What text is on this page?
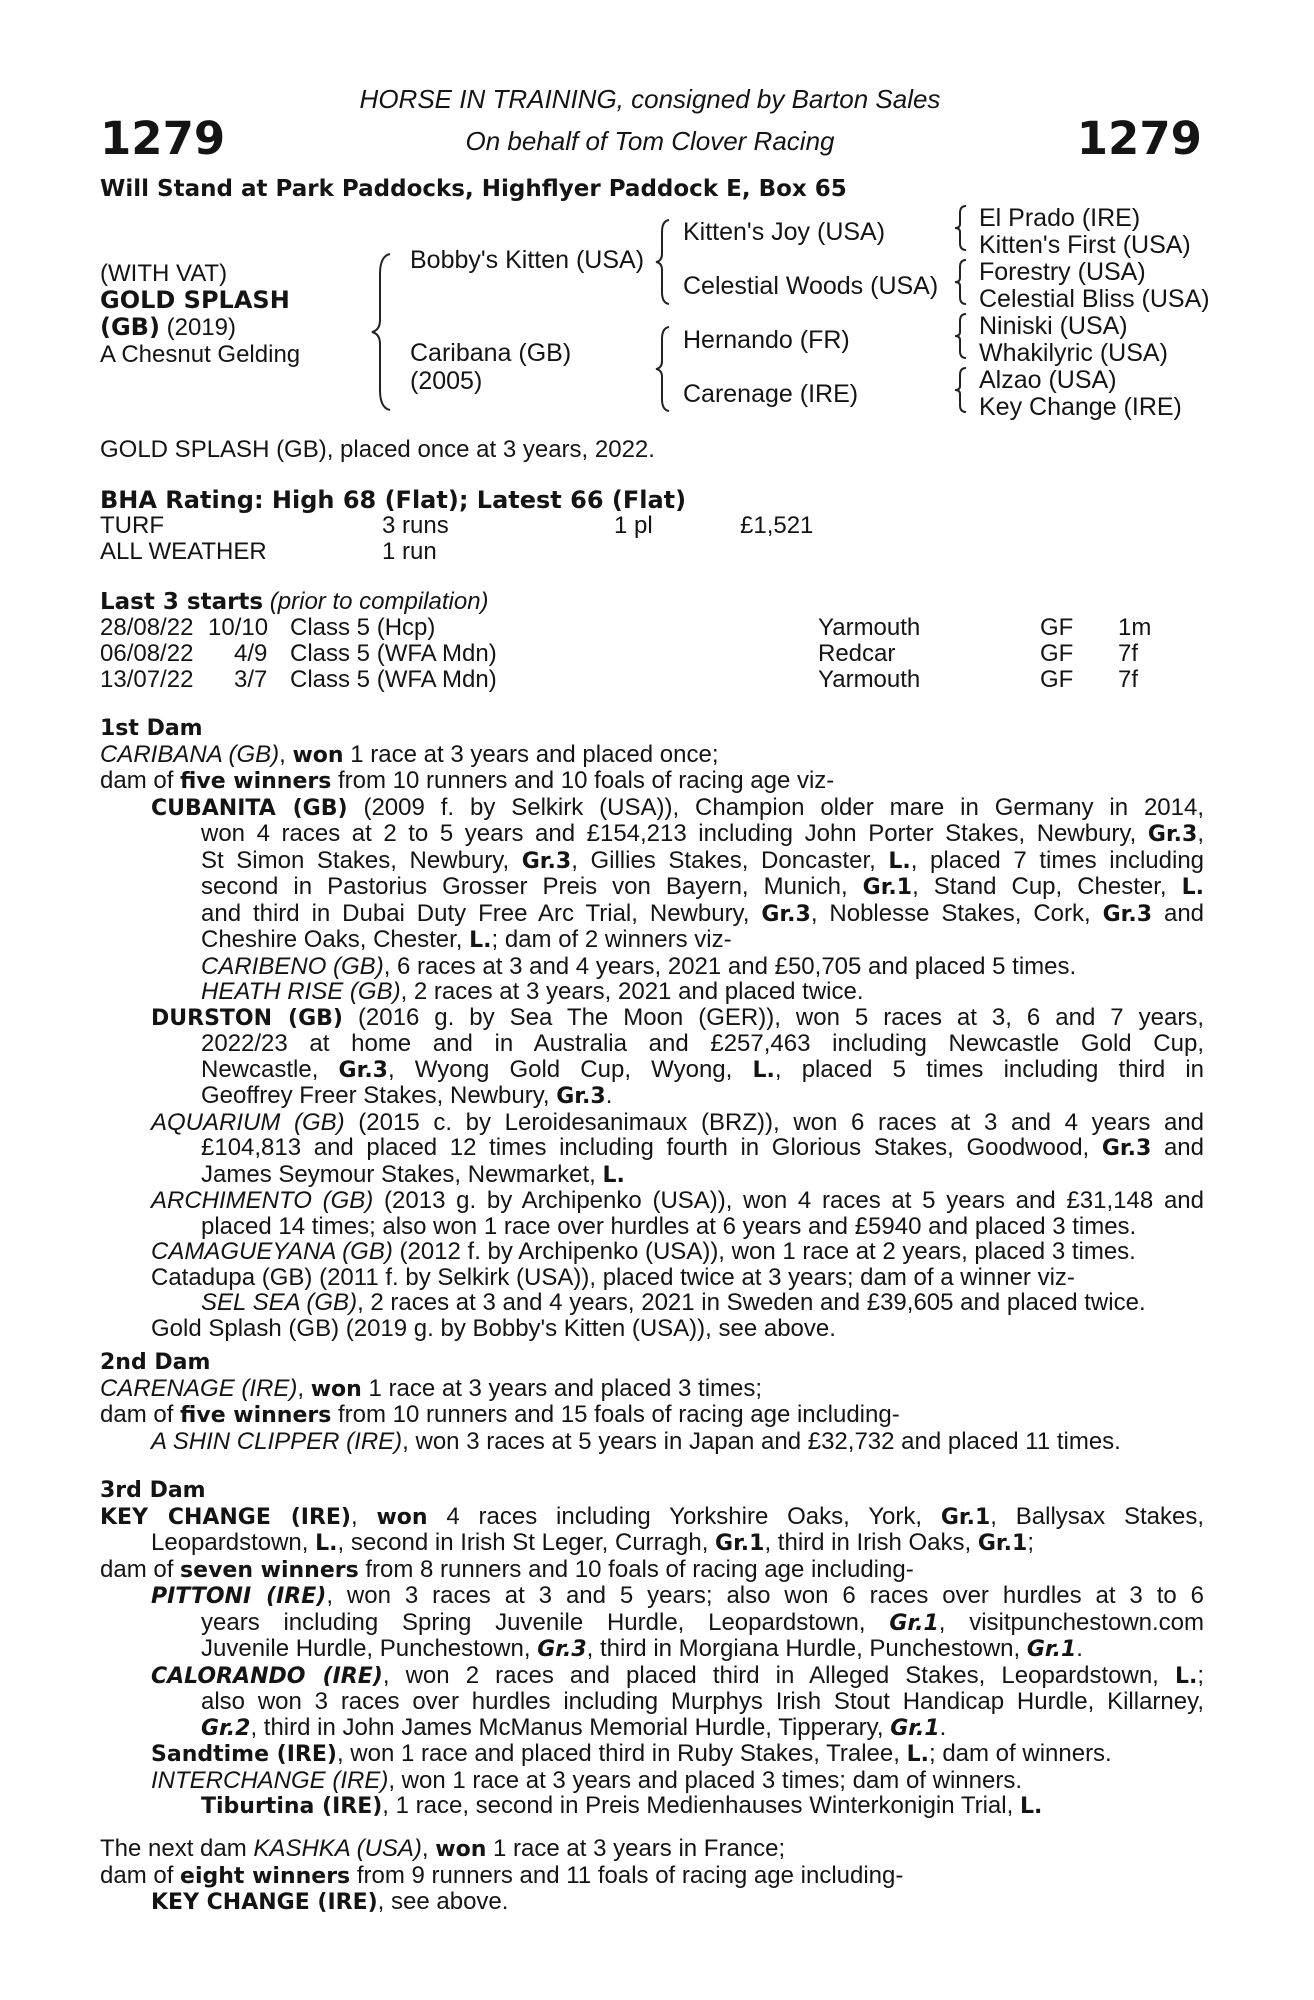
1279	1279
HORSE IN TRAINING, consigned by Barton Sales
On behalf of Tom Clover Racing
Will Stand at Park Paddocks, Highflyer Paddock E, Box 65
(WITH VAT)
GOLD SPLASH
(GB) (2019)
A Chesnut Gelding
Bobby's Kitten (USA)
Caribana (GB)
(2005)
Kitten's Joy (USA)
Celestial Woods (USA)
Hernando (FR)
Carenage (IRE)
El Prado (IRE)
Kitten's First (USA)
Forestry (USA)
Celestial Bliss (USA)
Niniski (USA)
Whakilyric (USA)
Alzao (USA)
Key Change (IRE)
GOLD SPLASH (GB), placed once at 3 years, 2022.
BHA Rating: High 68 (Flat); Latest 66 (Flat)
TURF	3 runs	1 pl	£1,521
ALL WEATHER	1 run
Last 3 starts (prior to compilation)
28/08/22 10/10 Class 5 (Hcp)	Yarmouth	GF 1m
06/08/22 4/9 Class 5 (WFA Mdn)	Redcar	GF 7f
13/07/22 3/7 Class 5 (WFA Mdn)	Yarmouth	GF 7f
1st Dam
CARIBANA (GB), won 1 race at 3 years and placed once;
dam of five winners from 10 runners and 10 foals of racing age viz-
CUBANITA (GB) (2009 f. by Selkirk (USA)), Champion older mare in Germany in 2014,
won 4 races at 2 to 5 years and £154,213 including John Porter Stakes, Newbury, Gr.3,
St Simon Stakes, Newbury, Gr.3, Gillies Stakes, Doncaster, L., placed 7 times including
second in Pastorius Grosser Preis von Bayern, Munich, Gr.1, Stand Cup, Chester, L.
and third in Dubai Duty Free Arc Trial, Newbury, Gr.3, Noblesse Stakes, Cork, Gr.3 and
Cheshire Oaks, Chester, L.; dam of 2 winners viz-
CARIBENO (GB), 6 races at 3 and 4 years, 2021 and £50,705 and placed 5 times.
HEATH RISE (GB), 2 races at 3 years, 2021 and placed twice.
DURSTON (GB) (2016 g. by Sea The Moon (GER)), won 5 races at 3, 6 and 7 years,
2022/23 at home and in Australia and £257,463 including Newcastle Gold Cup,
Newcastle, Gr.3, Wyong Gold Cup, Wyong, L., placed 5 times including third in
Geoffrey Freer Stakes, Newbury, Gr.3.
AQUARIUM (GB) (2015 c. by Leroidesanimaux (BRZ)), won 6 races at 3 and 4 years and
£104,813 and placed 12 times including fourth in Glorious Stakes, Goodwood, Gr.3 and
James Seymour Stakes, Newmarket, L.
ARCHIMENTO (GB) (2013 g. by Archipenko (USA)), won 4 races at 5 years and £31,148 and
placed 14 times; also won 1 race over hurdles at 6 years and £5940 and placed 3 times.
CAMAGUEYANA (GB) (2012 f. by Archipenko (USA)), won 1 race at 2 years, placed 3 times.
Catadupa (GB) (2011 f. by Selkirk (USA)), placed twice at 3 years; dam of a winner viz-
SEL SEA (GB), 2 races at 3 and 4 years, 2021 in Sweden and £39,605 and placed twice.
Gold Splash (GB) (2019 g. by Bobby's Kitten (USA)), see above.
2nd Dam
CARENAGE (IRE), won 1 race at 3 years and placed 3 times;
dam of five winners from 10 runners and 15 foals of racing age including-
A SHIN CLIPPER (IRE), won 3 races at 5 years in Japan and £32,732 and placed 11 times.
3rd Dam
KEY CHANGE (IRE), won 4 races including Yorkshire Oaks, York, Gr.1, Ballysax Stakes,
Leopardstown, L., second in Irish St Leger, Curragh, Gr.1, third in Irish Oaks, Gr.1;
dam of seven winners from 8 runners and 10 foals of racing age including-
PITTONI (IRE), won 3 races at 3 and 5 years; also won 6 races over hurdles at 3 to 6
years including Spring Juvenile Hurdle, Leopardstown, Gr.1, visitpunchestown.com
Juvenile Hurdle, Punchestown, Gr.3, third in Morgiana Hurdle, Punchestown, Gr.1.
CALORANDO (IRE), won 2 races and placed third in Alleged Stakes, Leopardstown, L.;
also won 3 races over hurdles including Murphys Irish Stout Handicap Hurdle, Killarney,
Gr.2, third in John James McManus Memorial Hurdle, Tipperary, Gr.1.
Sandtime (IRE), won 1 race and placed third in Ruby Stakes, Tralee, L.; dam of winners.
INTERCHANGE (IRE), won 1 race at 3 years and placed 3 times; dam of winners.
Tiburtina (IRE), 1 race, second in Preis Medienhauses Winterkonigin Trial, L.
The next dam KASHKA (USA), won 1 race at 3 years in France;
dam of eight winners from 9 runners and 11 foals of racing age including-
KEY CHANGE (IRE), see above.
